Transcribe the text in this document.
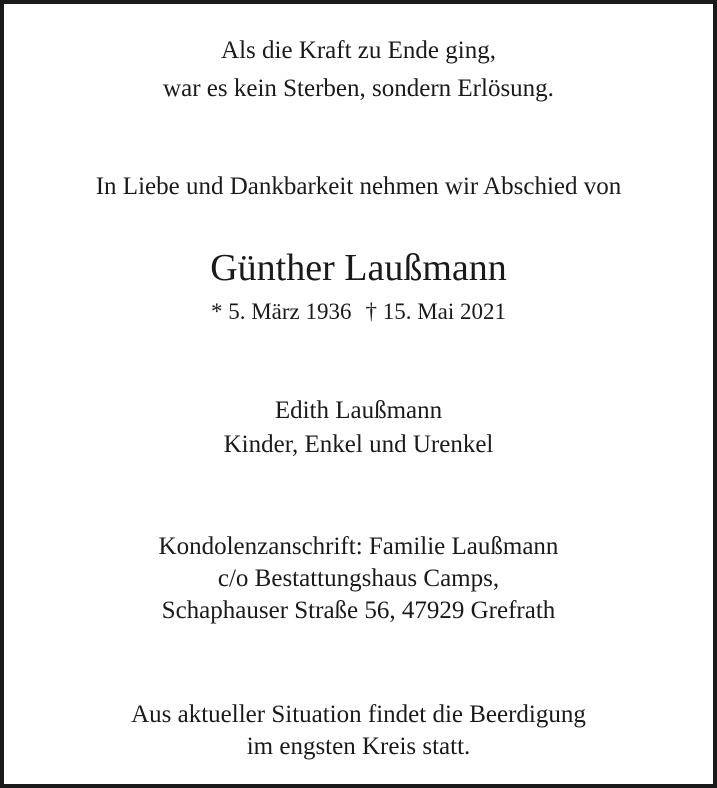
Als die Kraft zu Ende ging,
war es kein Sterben, sondern Erlösung.
In Liebe und Dankbarkeit nehmen wir Abschied von
Günther Laußmann
* 5. März 1936 † 15. Mai 2021
Edith Laußmann
Kinder, Enkel und Urenkel
Kondolenzanschrift: Familie Laußmann
c/o Bestattungshaus Camps,
Schaphauser Straße 56, 47929 Grefrath
Aus aktueller Situation findet die Beerdigung
im engsten Kreis statt.
